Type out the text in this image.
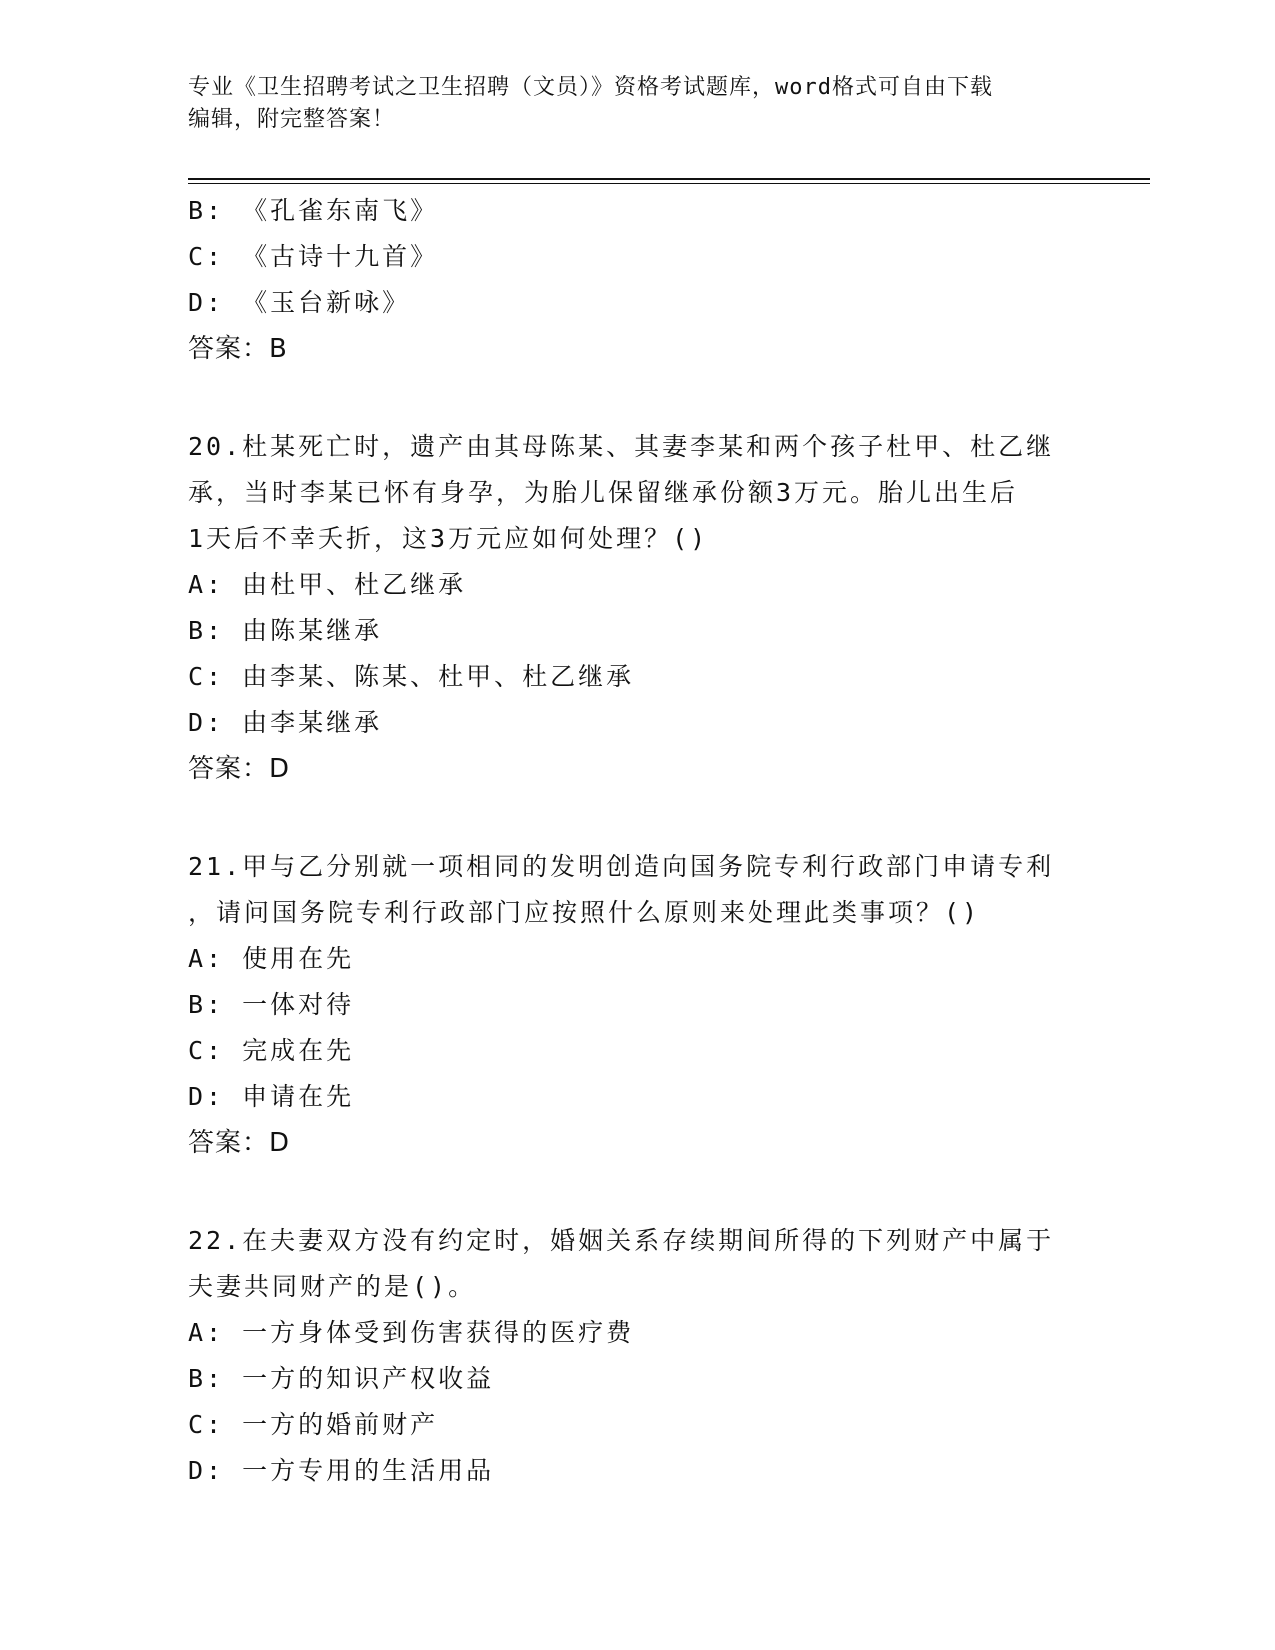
专业《卫生招聘考试之卫生招聘（文员）》资格考试题库，word格式可自由下载
编辑，附完整答案！
B: 《孔雀东南飞》
C: 《古诗十九首》
D: 《玉台新咏》
答案：B
20.杜某死亡时，遗产由其母陈某、其妻李某和两个孩子杜甲、杜乙继
承，当时李某已怀有身孕，为胎儿保留继承份额3万元。胎儿出生后
1天后不幸夭折，这3万元应如何处理？()
A: 由杜甲、杜乙继承
B: 由陈某继承
C: 由李某、陈某、杜甲、杜乙继承
D: 由李某继承
答案：D
21.甲与乙分别就一项相同的发明创造向国务院专利行政部门申请专利
，请问国务院专利行政部门应按照什么原则来处理此类事项？()
A: 使用在先
B: 一体对待
C: 完成在先
D: 申请在先
答案：D
22.在夫妻双方没有约定时，婚姻关系存续期间所得的下列财产中属于
夫妻共同财产的是()。
A: 一方身体受到伤害获得的医疗费
B: 一方的知识产权收益
C: 一方的婚前财产
D: 一方专用的生活用品
